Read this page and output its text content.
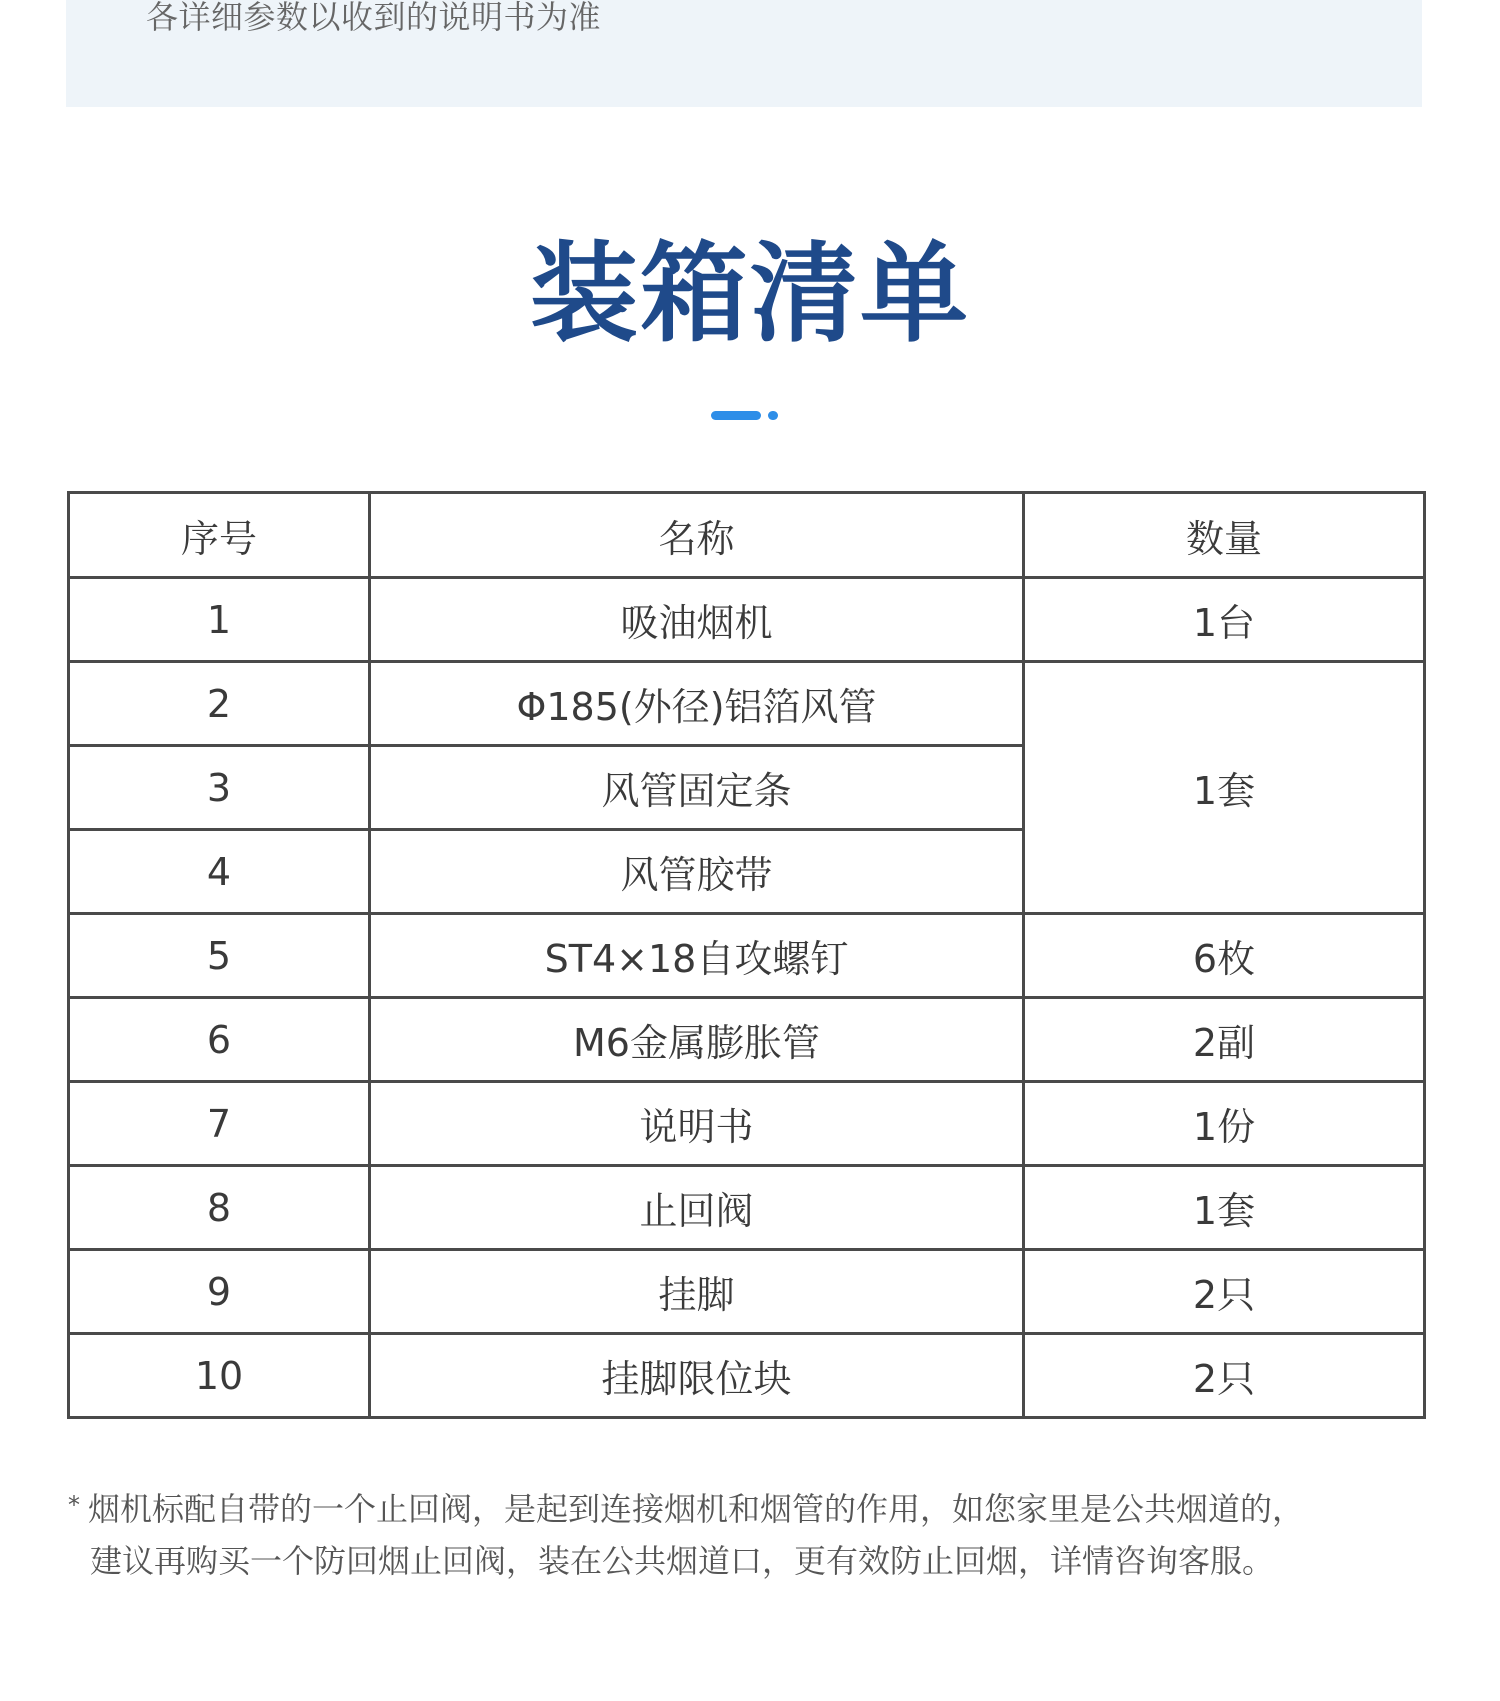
各详细参数以收到的说明书为准
装箱清单
序号	名称	数量
1	吸油烟机	1台
2	Φ185(外径)铝箔风管	1套
3	风管固定条	
4	风管胶带	
5	ST4×18自攻螺钉	6枚
6	M6金属膨胀管	2副
7	说明书	1份
8	止回阀	1套
9	挂脚	2只
10	挂脚限位块	2只
* 烟机标配自带的一个止回阀，是起到连接烟机和烟管的作用，如您家里是公共烟道的，
建议再购买一个防回烟止回阀，装在公共烟道口，更有效防止回烟，详情咨询客服。
